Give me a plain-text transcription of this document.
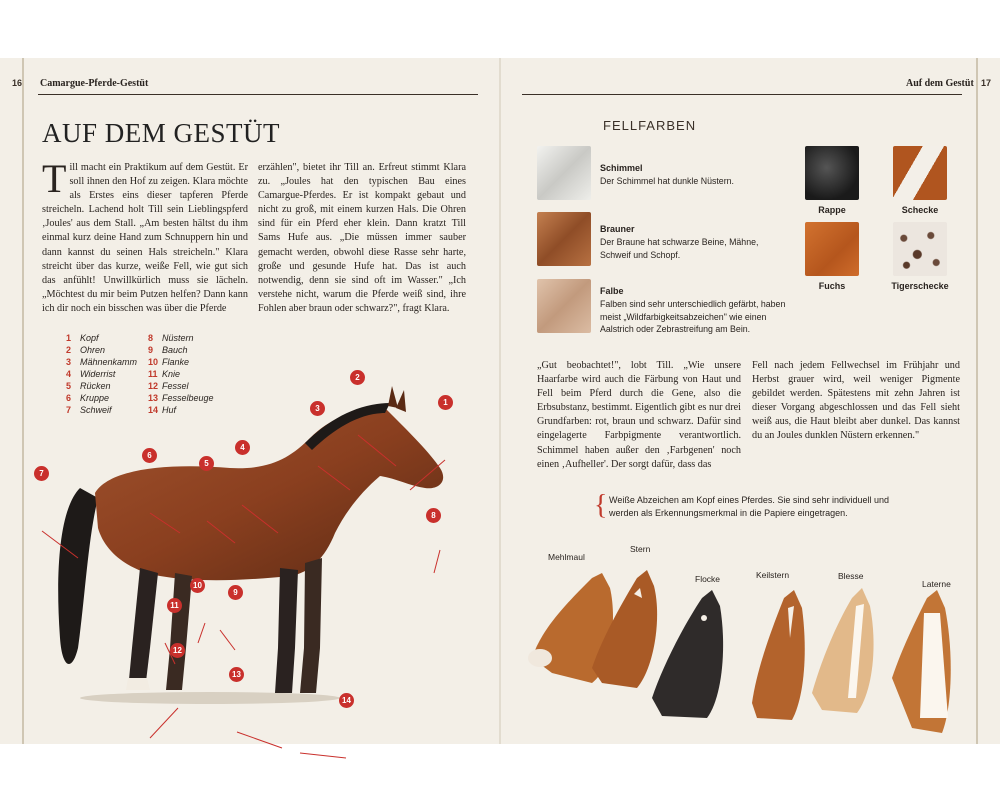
16 Camargue-Pferde-Gestüt
AUF DEM GESTÜT
Till macht ein Praktikum auf dem Gestüt. Er soll ihnen den Hof zu zeigen. Klara möchte als Erstes eins dieser tapferen Pferde streicheln. Lachend holt Till sein Lieblingspferd ‚Joules' aus dem Stall. „Am besten hältst du ihm einmal kurz deine Hand zum Schnuppern hin und dann kannst du seinen Hals streicheln." Klara streicht über das kurze, weiße Fell, wie gut sich das anfühlt! Unwillkürlich muss sie lächeln. „Möchtest du mir beim Putzen helfen? Dann kann ich dir noch ein bisschen was über die Pferde
erzählen", bietet ihr Till an. Erfreut stimmt Klara zu. „Joules hat den typischen Bau eines Camargue-Pferdes. Er ist kompakt gebaut und nicht zu groß, mit einem kurzen Hals. Die Ohren sind für ein Pferd eher klein. Dann kratzt Till Sams Hufe aus. „Die müssen immer sauber gemacht werden, obwohl diese Rasse sehr harte, große und gesunde Hufe hat. Das ist auch notwendig, denn sie sind oft im Wasser." „Ich verstehe nicht, warum die Pferde weiß sind, ihre Fohlen aber braun oder schwarz?", fragt Klara.
1 Kopf
2 Ohren
3 Mähnenkamm
4 Widerrist
5 Rücken
6 Kruppe
7 Schweif
8 Nüstern
9 Bauch
10 Flanke
11 Knie
12 Fessel
13 Fesselbeuge
14 Huf
1
2
3
4
5
6
7
8
9
10
11
12
13
14
Auf dem Gestüt 17
FELLFARBEN
Schimmel
Der Schimmel hat dunkle Nüstern.
Brauner
Der Braune hat schwarze Beine, Mähne, Schweif und Schopf.
Falbe
Falben sind sehr unterschiedlich gefärbt, haben meist „Wildfarbigkeitsabzeichen" wie einen Aalstrich oder Zebrastreifung am Bein.
Rappe	Schecke
Fuchs	Tigerschecke
„Gut beobachtet!", lobt Till. „Wie unsere Haarfarbe wird auch die Färbung von Haut und Fell beim Pferd durch die Gene, also die Erbsubstanz, bestimmt. Eigentlich gibt es nur drei Grundfarben: rot, braun und schwarz. Dafür sind eingelagerte Farbpigmente verantwortlich. Schimmel haben außer den ‚Farbgenen' noch einen ‚Aufheller'. Der sorgt dafür, dass das
Fell nach jedem Fellwechsel im Frühjahr und Herbst grauer wird, weil weniger Pigmente gebildet werden. Spätestens mit zehn Jahren ist dieser Vorgang abgeschlossen und das Fell sieht weiß aus, die Haut bleibt aber dunkel. Das kannst du an Joules dunklen Nüstern erkennen."
{ Weiße Abzeichen am Kopf eines Pferdes. Sie sind sehr individuell und werden als Erkennungsmerkmal in die Papiere eingetragen.
Mehlmaul
Stern
Flocke	Keilstern	Blesse
Laterne
